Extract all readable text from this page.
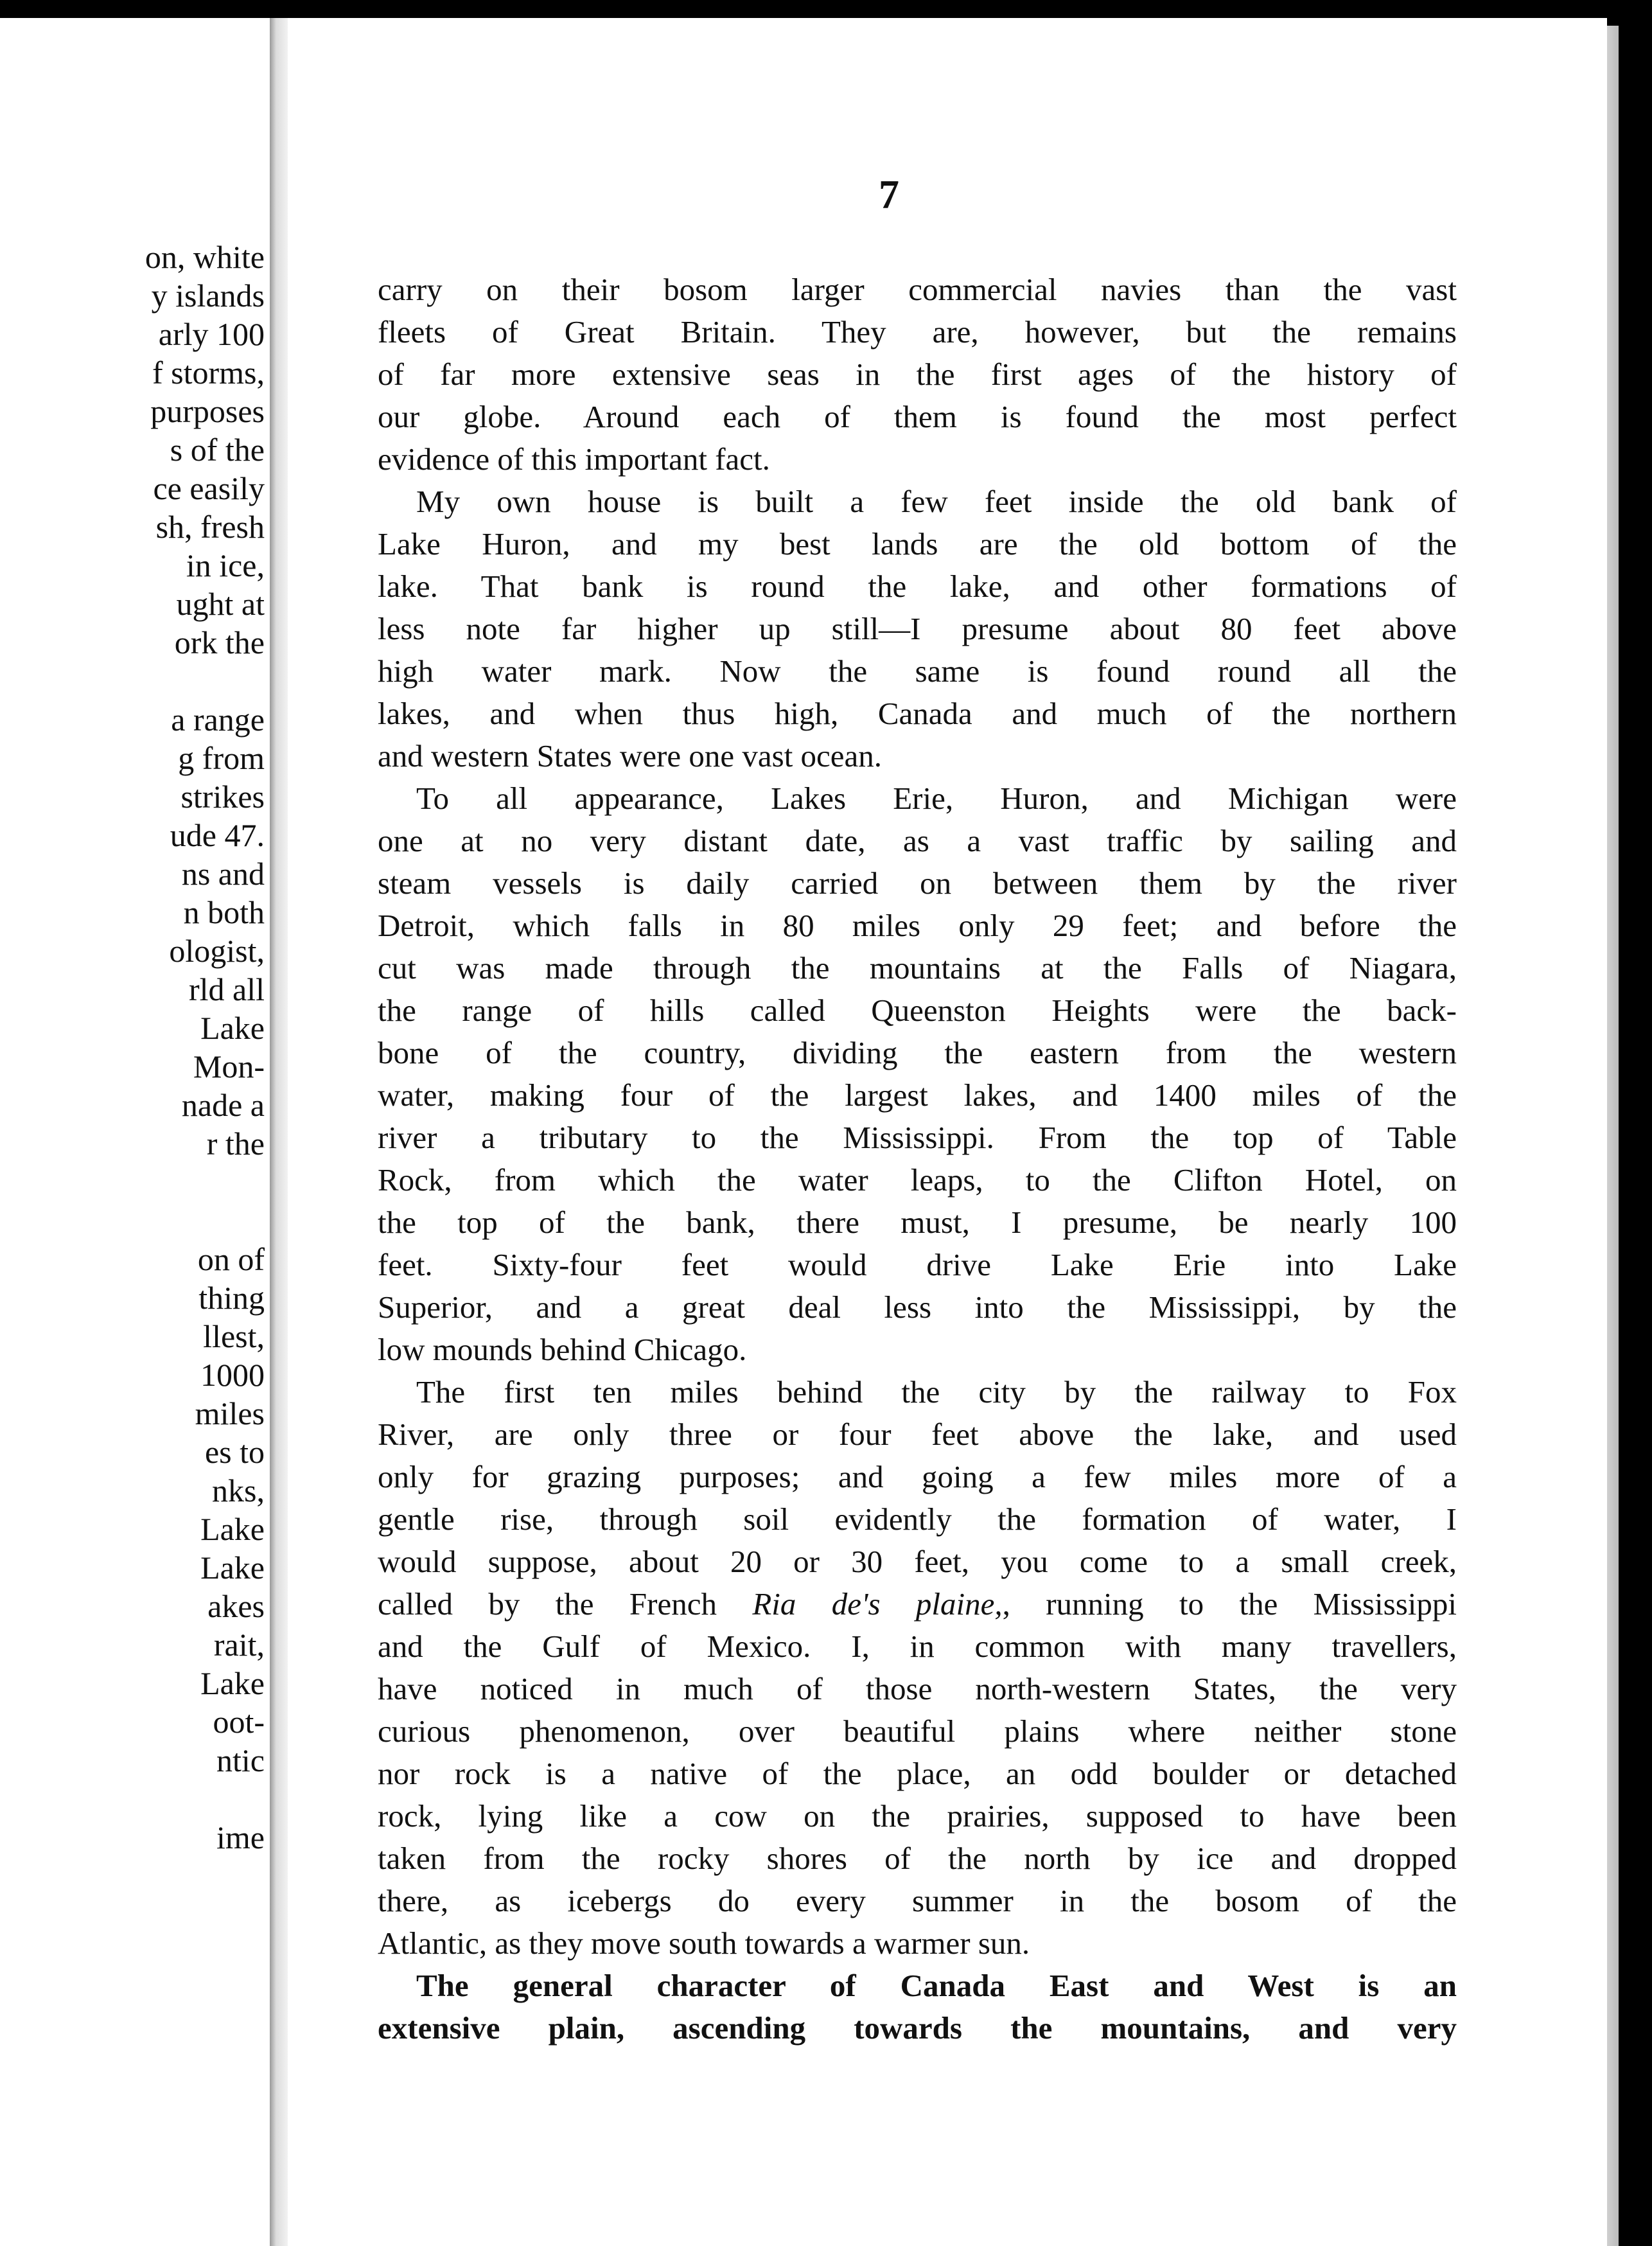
on, white
y islands
arly 100
f storms,
purposes
s of the
ce easily
sh, fresh
in ice,
ught at
ork the
a range
g from
strikes
ude 47.
ns and
n both
ologist,
rld all
Lake
Mon-
nade a
r the
on of
thing
llest,
1000
miles
es to
nks,
Lake
Lake
akes
rait,
Lake
oot-
ntic
ime
7
carry on their bosom larger commercial navies than the vast
fleets of Great Britain. They are, however, but the remains
of far more extensive seas in the first ages of the history of
our globe. Around each of them is found the most perfect
evidence of this important fact.
My own house is built a few feet inside the old bank of
Lake Huron, and my best lands are the old bottom of the
lake. That bank is round the lake, and other formations of
less note far higher up still—I presume about 80 feet above
high water mark. Now the same is found round all the
lakes, and when thus high, Canada and much of the northern
and western States were one vast ocean.
To all appearance, Lakes Erie, Huron, and Michigan were
one at no very distant date, as a vast traffic by sailing and
steam vessels is daily carried on between them by the river
Detroit, which falls in 80 miles only 29 feet; and before the
cut was made through the mountains at the Falls of Niagara,
the range of hills called Queenston Heights were the back-
bone of the country, dividing the eastern from the western
water, making four of the largest lakes, and 1400 miles of the
river a tributary to the Mississippi. From the top of Table
Rock, from which the water leaps, to the Clifton Hotel, on
the top of the bank, there must, I presume, be nearly 100
feet. Sixty-four feet would drive Lake Erie into Lake
Superior, and a great deal less into the Mississippi, by the
low mounds behind Chicago.
The first ten miles behind the city by the railway to Fox
River, are only three or four feet above the lake, and used
only for grazing purposes; and going a few miles more of a
gentle rise, through soil evidently the formation of water, I
would suppose, about 20 or 30 feet, you come to a small creek,
called by the French Ria de's plaine,, running to the Mississippi
and the Gulf of Mexico. I, in common with many travellers,
have noticed in much of those north-western States, the very
curious phenomenon, over beautiful plains where neither stone
nor rock is a native of the place, an odd boulder or detached
rock, lying like a cow on the prairies, supposed to have been
taken from the rocky shores of the north by ice and dropped
there, as icebergs do every summer in the bosom of the
Atlantic, as they move south towards a warmer sun.
The general character of Canada East and West is an
extensive plain, ascending towards the mountains, and very
